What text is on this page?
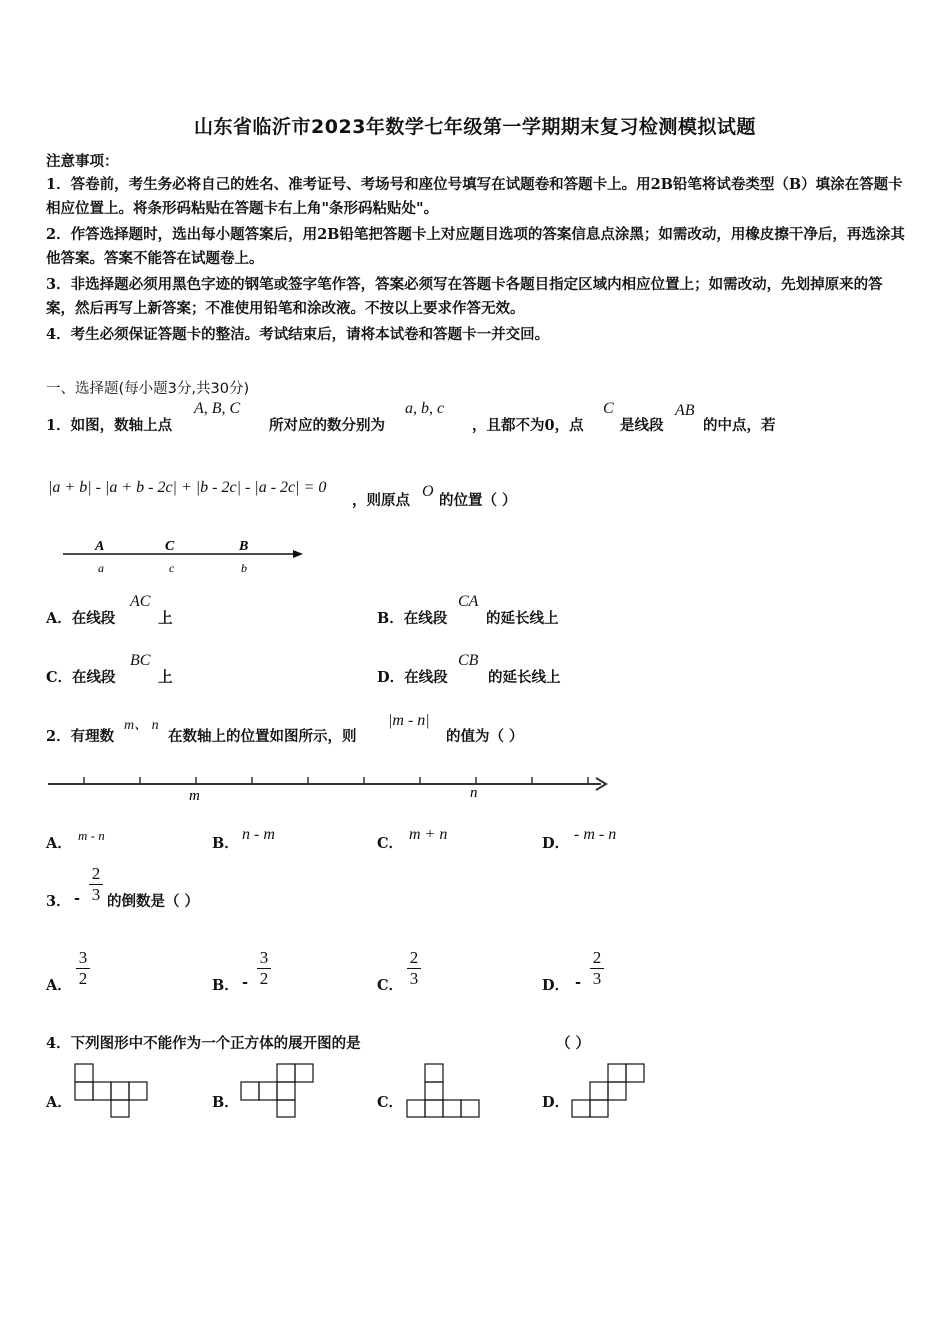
山东省临沂市2023年数学七年级第一学期期末复习检测模拟试题
注意事项：
1．答卷前，考生务必将自己的姓名、准考证号、考场号和座位号填写在试题卷和答题卡上。用2B铅笔将试卷类型（B）填涂在答题卡相应位置上。将条形码粘贴在答题卡右上角"条形码粘贴处"。
2．作答选择题时，选出每小题答案后，用2B铅笔把答题卡上对应题目选项的答案信息点涂黑；如需改动，用橡皮擦干净后，再选涂其他答案。答案不能答在试题卷上。
3．非选择题必须用黑色字迹的钢笔或签字笔作答，答案必须写在答题卡各题目指定区域内相应位置上；如需改动，先划掉原来的答案，然后再写上新答案；不准使用铅笔和涂改液。不按以上要求作答无效。
4．考生必须保证答题卡的整洁。考试结束后，请将本试卷和答题卡一并交回。
一、选择题(每小题3分,共30分)
1．如图，数轴上点
A, B, C
所对应的数分别为
a, b, c
，且都不为0，点
C
是线段
AB
的中点，若
|a + b| - |a + b - 2c| + |b - 2c| - |a - 2c| = 0
，则原点
O
的位置（ ）
A	C	B
a	c	b
A．在线段
AC
上	B．在线段
CA
的延长线上
C．在线段
BC
上	D．在线段
CB
的延长线上
2．有理数
m、 n
在数轴上的位置如图所示，则
|m - n|
的值为（ ）
m	n
A． m - n	B．
n - m
C．
m + n
D．
- m - n
3． -
2
3 的倒数是（ ）
A．
3
2	B． -
3
2	C．
2
3	D． -
2
3
4．下列图形中不能作为一个正方体的展开图的是	（ ）
A．	B．	C．	D．
